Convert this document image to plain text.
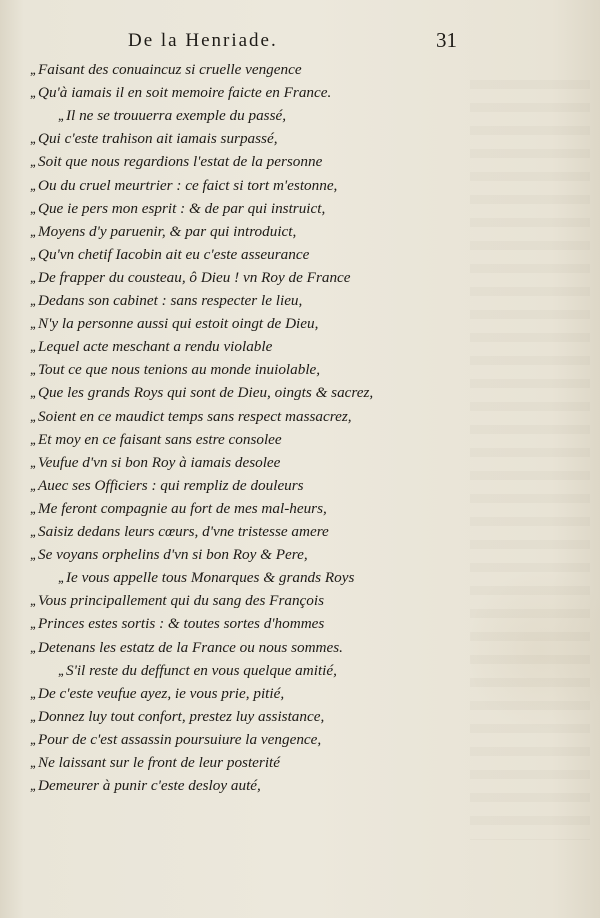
De la Henriade.	31
,, Faisant des conuaincuz si cruelle vengence
,, Qu'à iamais il en soit memoire faicte en France.
,, Il ne se trouuerra exemple du passé,
,, Qui c'este trahison ait iamais surpassé,
,, Soit que nous regardions l'estat de la personne
,, Ou du cruel meurtrier : ce faict si tort m'estonne,
,, Que ie pers mon esprit : & de par qui instruict,
,, Moyens d'y paruenir, & par qui introduict,
,, Qu'vn chetif Iacobin ait eu c'este asseurance
,, De frapper du cousteau, ô Dieu ! vn Roy de France
,, Dedans son cabinet : sans respecter le lieu,
,, N'y la personne aussi qui estoit oingt de Dieu,
,, Lequel acte meschant a rendu violable
,, Tout ce que nous tenions au monde inuiolable,
,, Que les grands Roys qui sont de Dieu, oingts & sacrez,
,, Soient en ce maudict temps sans respect massacrez,
,, Et moy en ce faisant sans estre consolee
,, Veufue d'vn si bon Roy à iamais desolee
,, Auec ses Officiers : qui rempliz de douleurs
,, Me feront compagnie au fort de mes mal-heurs,
,, Saisiz dedans leurs cœurs, d'vne tristesse amere
,, Se voyans orphelins d'vn si bon Roy & Pere,
,, Ie vous appelle tous Monarques & grands Roys
,, Vous principallement qui du sang des François
,, Princes estes sortis : & toutes sortes d'hommes
,, Detenans les estatz de la France ou nous sommes.
,, S'il reste du deffunct en vous quelque amitié,
,, De c'este veufue ayez, ie vous prie, pitié,
,, Donnez luy tout confort, prestez luy assistance,
,, Pour de c'est assassin poursuiure la vengence,
,, Ne laissant sur le front de leur posterité
,, Demeurer à punir c'este desloy auté,
